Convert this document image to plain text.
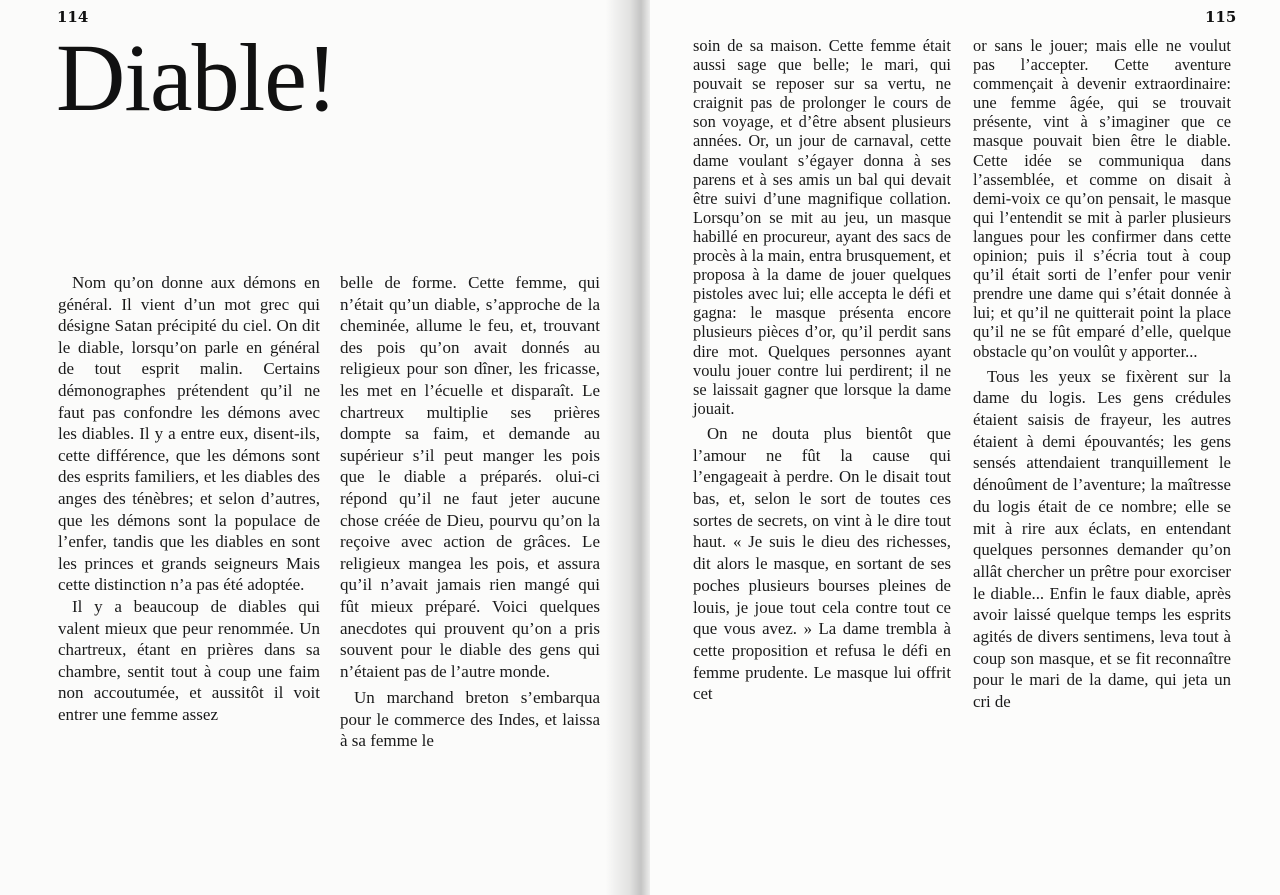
114
Diable!

Nom qu’on donne aux démons en général. Il vient d’un mot grec qui désigne Satan précipité du ciel. On dit le diable, lorsqu’on parle en général de tout esprit malin. Certains démonographes prétendent qu’il ne faut pas confondre les démons avec les diables. Il y a entre eux, disent-ils, cette différence, que les démons sont des esprits familiers, et les diables des anges des ténèbres; et selon d’autres, que les démons sont la populace de l’enfer, tandis que les diables en sont les princes et grands seigneurs Mais cette distinction n’a pas été adoptée.

Il y a beaucoup de diables qui valent mieux que peur renommée. Un chartreux, étant en prières dans sa chambre, sentit tout à coup une faim non accoutumée, et aussitôt il voit entrer une femme assez

belle de forme. Cette femme, qui n’était qu’un diable, s’approche de la cheminée, allume le feu, et, trouvant des pois qu’on avait donnés au religieux pour son dîner, les fricasse, les met en l’écuelle et disparaît. Le chartreux multiplie ses prières dompte sa faim, et demande au supérieur s’il peut manger les pois que le diable a préparés. olui-ci répond qu’il ne faut jeter aucune chose créée de Dieu, pourvu qu’on la reçoive avec action de grâces. Le religieux mangea les pois, et assura qu’il n’avait jamais rien mangé qui fût mieux préparé. Voici quelques anecdotes qui prouvent qu’on a pris souvent pour le diable des gens qui n’étaient pas de l’autre monde.

Un marchand breton s’embarqua pour le commerce des Indes, et laissa à sa femme le

115

soin de sa maison. Cette femme était aussi sage que belle; le mari, qui pouvait se reposer sur sa vertu, ne craignit pas de prolonger le cours de son voyage, et d’être absent plusieurs années. Or, un jour de carnaval, cette dame voulant s’égayer donna à ses parens et à ses amis un bal qui devait être suivi d’une magnifique collation. Lorsqu’on se mit au jeu, un masque habillé en procureur, ayant des sacs de procès à la main, entra brusquement, et proposa à la dame de jouer quelques pistoles avec lui; elle accepta le défi et gagna: le masque présenta encore plusieurs pièces d’or, qu’il perdit sans dire mot. Quelques personnes ayant voulu jouer contre lui perdirent; il ne se laissait gagner que lorsque la dame jouait.

On ne douta plus bientôt que l’amour ne fût la cause qui l’engageait à perdre. On le disait tout bas, et, selon le sort de toutes ces sortes de secrets, on vint à le dire tout haut. « Je suis le dieu des richesses, dit alors le masque, en sortant de ses poches plusieurs bourses pleines de louis, je joue tout cela contre tout ce que vous avez. » La dame trembla à cette proposition et refusa le défi en femme prudente. Le masque lui offrit cet

or sans le jouer; mais elle ne voulut pas l’accepter. Cette aventure commençait à devenir extraordinaire: une femme âgée, qui se trouvait présente, vint à s’imaginer que ce masque pouvait bien être le diable. Cette idée se communiqua dans l’assemblée, et comme on disait à demi-voix ce qu’on pensait, le masque qui l’entendit se mit à parler plusieurs langues pour les confirmer dans cette opinion; puis il s’écria tout à coup qu’il était sorti de l’enfer pour venir prendre une dame qui s’était donnée à lui; et qu’il ne quitterait point la place qu’il ne se fût emparé d’elle, quelque obstacle qu’on voulût y apporter...

Tous les yeux se fixèrent sur la dame du logis. Les gens crédules étaient saisis de frayeur, les autres étaient à demi épouvantés; les gens sensés attendaient tranquillement le dénoûment de l’aventure; la maîtresse du logis était de ce nombre; elle se mit à rire aux éclats, en entendant quelques personnes demander qu’on allât chercher un prêtre pour exorciser le diable... Enfin le faux diable, après avoir laissé quelque temps les esprits agités de divers sentimens, leva tout à coup son masque, et se fit reconnaître pour le mari de la dame, qui jeta un cri de
